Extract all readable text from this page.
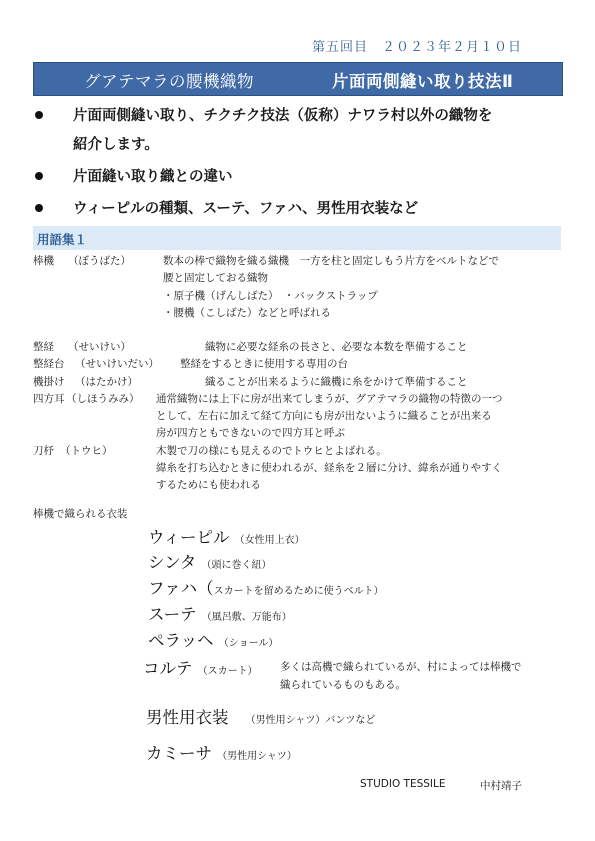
第五回目　２０２３年２月１０日
グアテマラの腰機織物	片面両側縫い取り技法Ⅱ
片面両側縫い取り、チクチク技法（仮称）ナワラ村以外の織物を
紹介します。
片面縫い取り織との違い
ウィーピルの種類、スーテ、ファハ、男性用衣装など
用語集１
棒機 （ぼうばた）	数本の棒で織物を織る織機　一方を柱と固定しもう片方をベルトなどで
腰と固定しておる織物
・原子機（げんしばた）　・バックストラップ
・腰機（こしばた）などと呼ばれる
整経 （せいけい）	織物に必要な経糸の長さと、必要な本数を準備すること
整経台 （せいけいだい） 整経をするときに使用する専用の台
機掛け （はたかけ）	織ることが出来るように織機に糸をかけて準備すること
四方耳 （しほうみみ） 通常織物には上下に房が出来てしまうが、グアテマラの織物の特徴の一つ
として、左右に加えて経て方向にも房が出ないように織ることが出来る
房が四方ともできないので四方耳と呼ぶ
刀杼 （トウヒ）	木製で刀の様にも見えるのでトウヒとよばれる。
緯糸を打ち込むときに使われるが、経糸を２層に分け、緯糸が通りやすく
するためにも使われる
棒機で織られる衣装
ウィーピル （女性用上衣）
シンタ （頭に巻く紐）
ファハ（スカートを留めるために使うベルト）
スーテ （風呂敷、万能布）
ペラッヘ （ショール）
コルテ （スカート） 多くは高機で織られているが、村によっては棒機で
織られているものもある。
男性用衣装 （男性用シャツ）バンツなど
カミーサ （男性用シャツ）
STUDIO TESSILE	中村靖子
